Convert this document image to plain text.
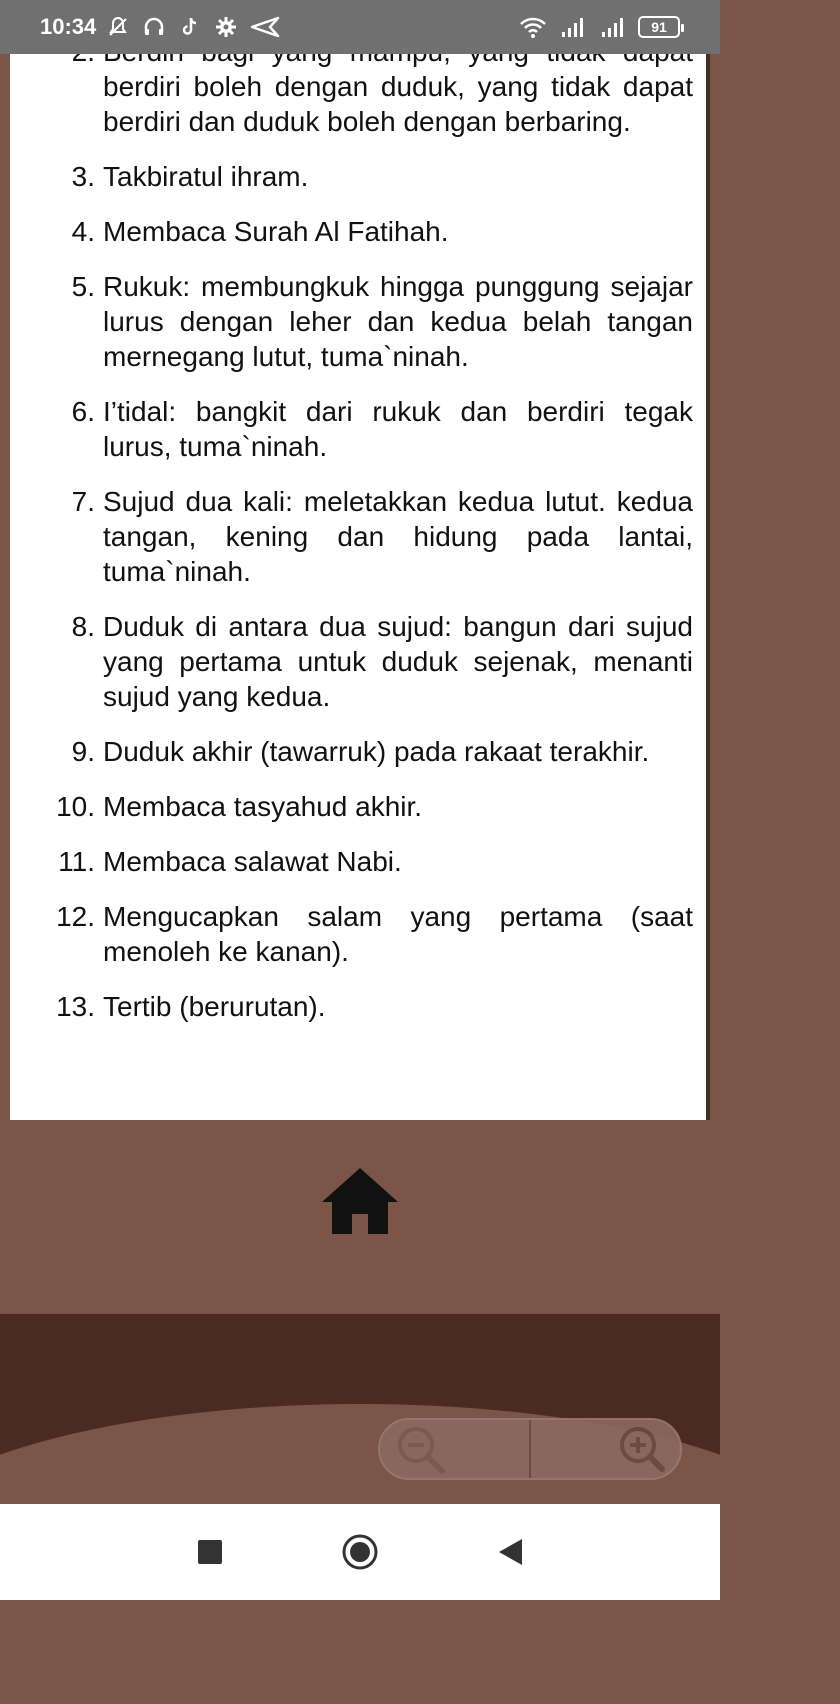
10:34	91
berdiri boleh dengan duduk, yang tidak dapat berdiri dan duduk boleh dengan berbaring.
3. Takbiratul ihram.
4. Membaca Surah Al Fatihah.
5. Rukuk: membungkuk hingga punggung sejajar lurus dengan leher dan kedua belah tangan mernegang lutut, tuma`ninah.
6. I’tidal: bangkit dari rukuk dan berdiri tegak lurus, tuma`ninah.
7. Sujud dua kali: meletakkan kedua lutut. kedua tangan, kening dan hidung pada lantai, tuma`ninah.
8. Duduk di antara dua sujud: bangun dari sujud yang pertama untuk duduk sejenak, menanti sujud yang kedua.
9. Duduk akhir (tawarruk) pada rakaat terakhir.
10. Membaca tasyahud akhir.
11. Membaca salawat Nabi.
12. Mengucapkan salam yang pertama (saat menoleh ke kanan).
13. Tertib (berurutan).
